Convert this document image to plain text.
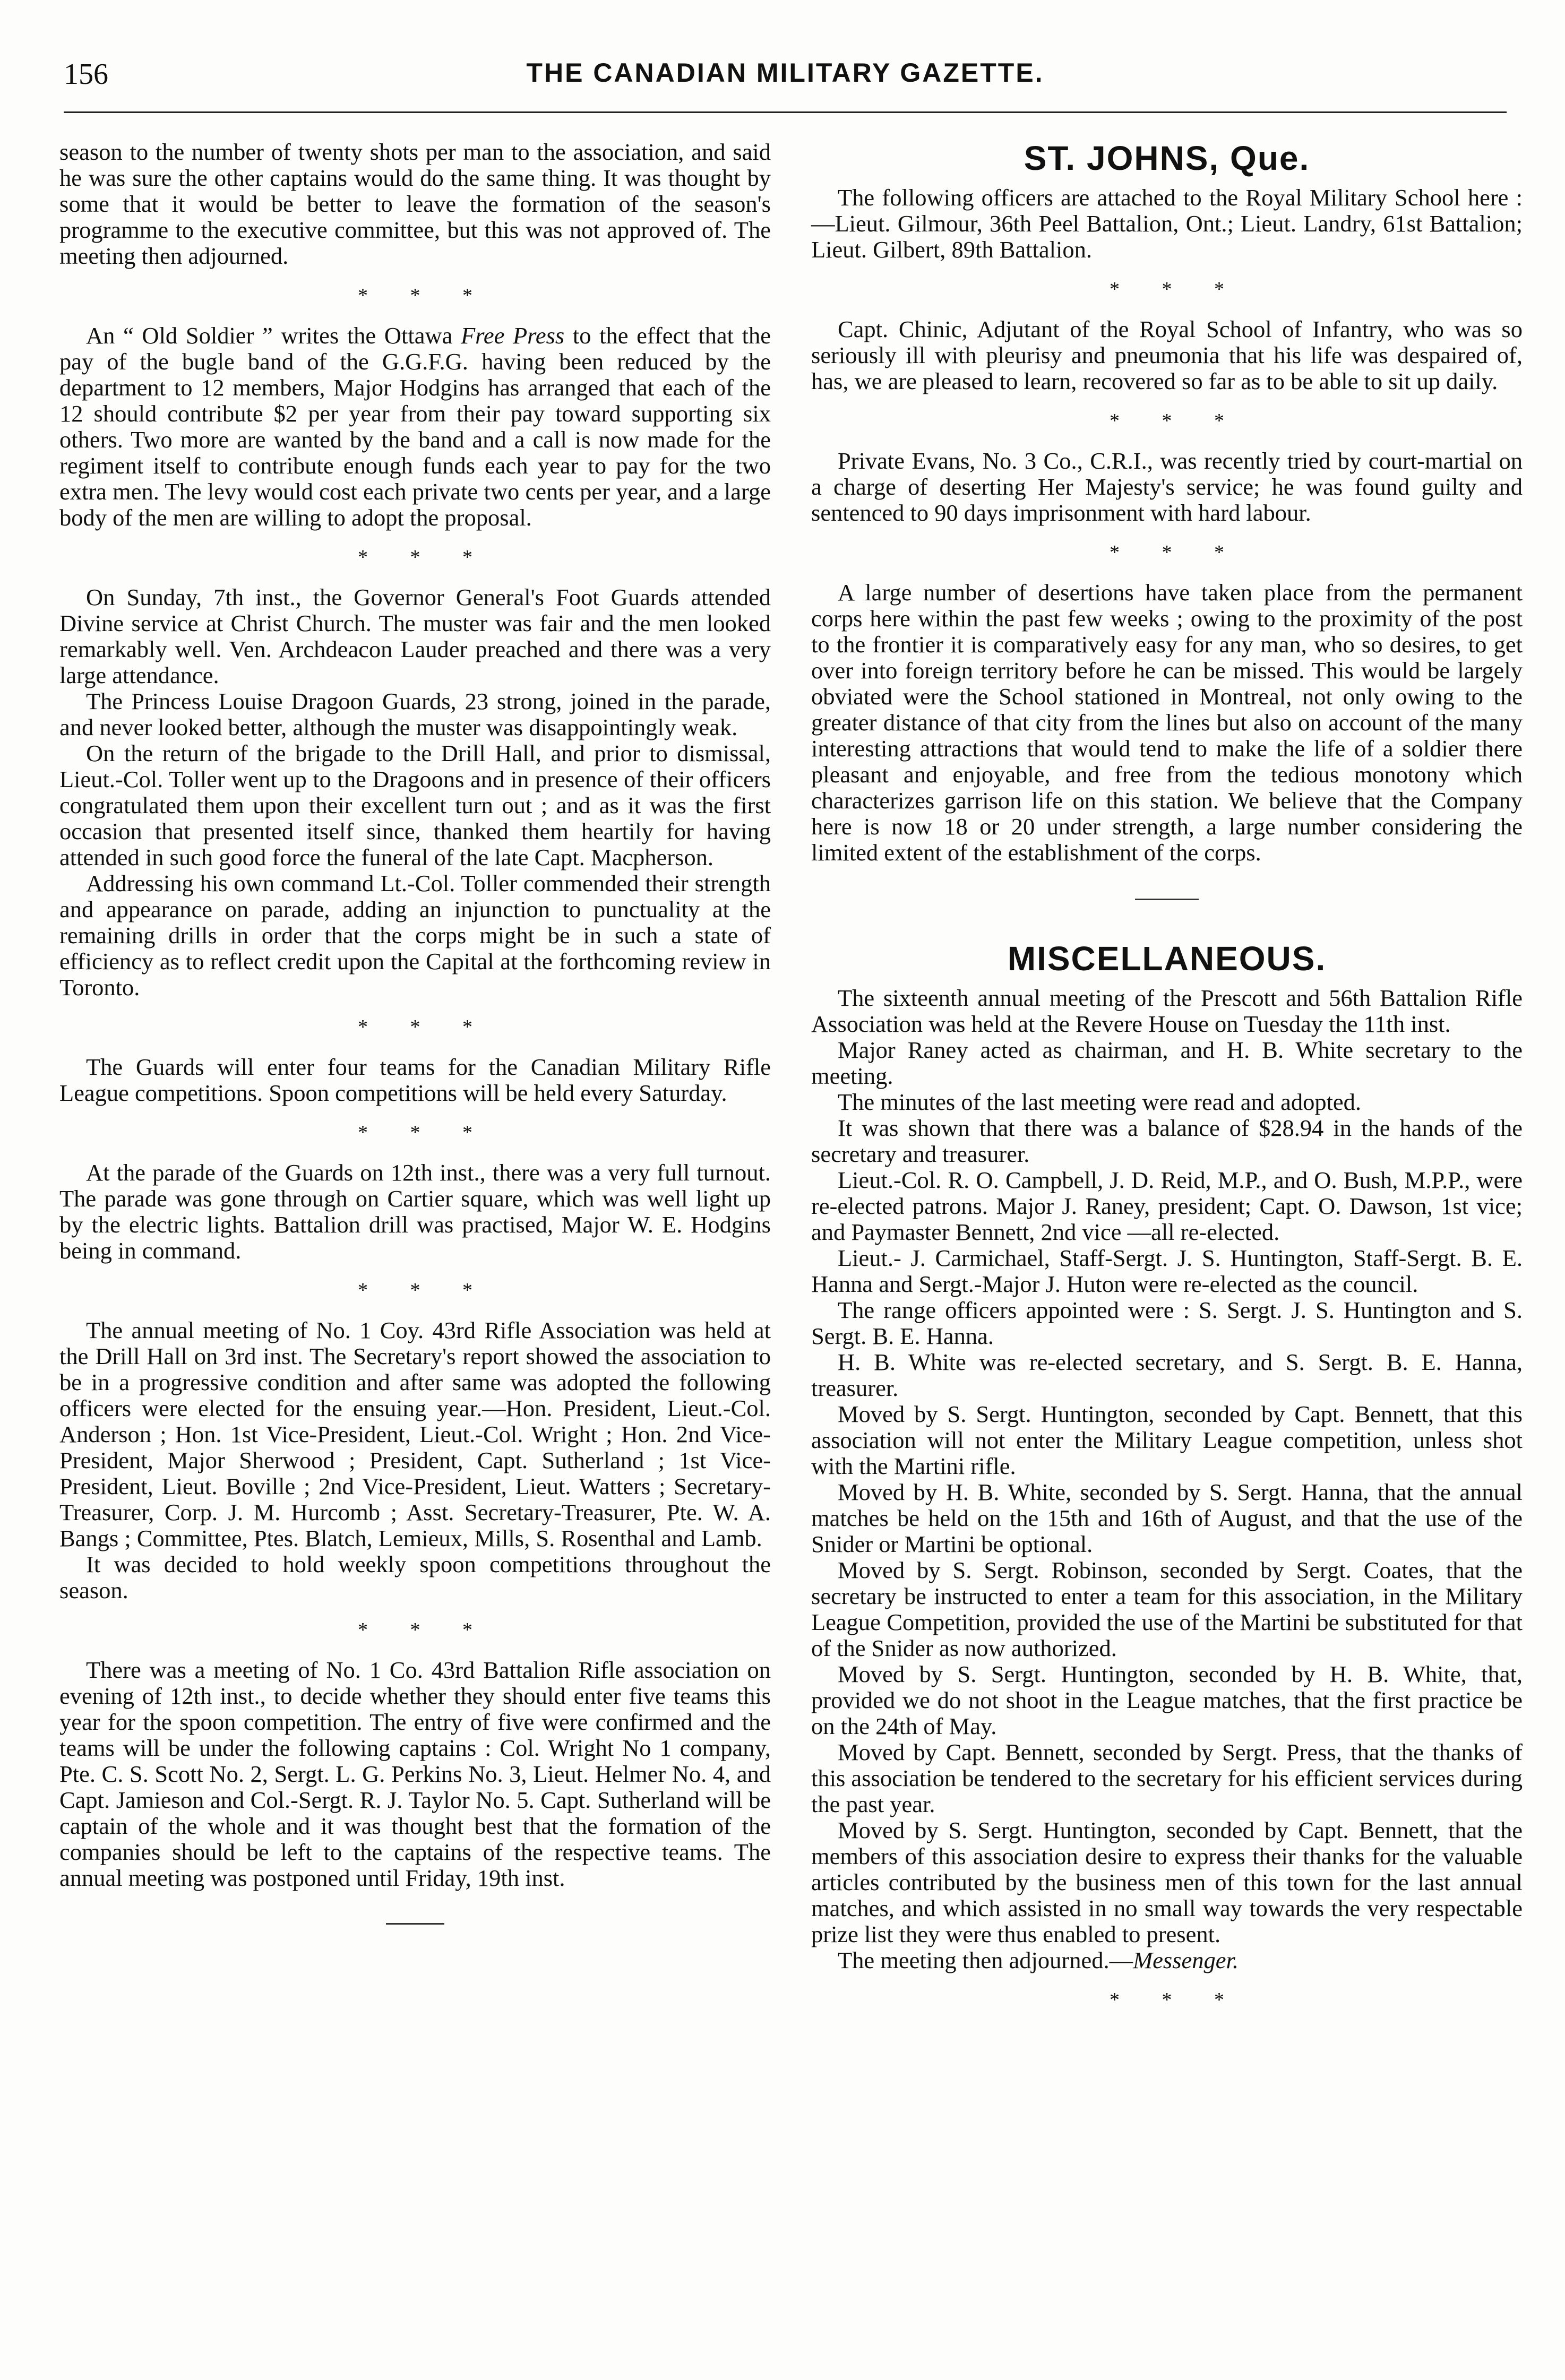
156	THE CANADIAN MILITARY GAZETTE.

season to the number of twenty shots per man to the association, and said he was sure the other captains would do the same thing. It was thought by some that it would be better to leave the formation of the season's programme to the executive committee, but this was not approved of. The meeting then adjourned.

* * *

An “ Old Soldier ” writes the Ottawa Free Press to the effect that the pay of the bugle band of the G.G.F.G. having been reduced by the department to 12 members, Major Hodgins has arranged that each of the 12 should contribute $2 per year from their pay toward supporting six others. Two more are wanted by the band and a call is now made for the regiment itself to contribute enough funds each year to pay for the two extra men. The levy would cost each private two cents per year, and a large body of the men are willing to adopt the proposal.

* * *

On Sunday, 7th inst., the Governor General's Foot Guards attended Divine service at Christ Church. The muster was fair and the men looked remarkably well. Ven. Archdeacon Lauder preached and there was a very large attendance.

The Princess Louise Dragoon Guards, 23 strong, joined in the parade, and never looked better, although the muster was disappointingly weak.

On the return of the brigade to the Drill Hall, and prior to dismissal, Lieut.-Col. Toller went up to the Dragoons and in presence of their officers congratulated them upon their excellent turn out ; and as it was the first occasion that presented itself since, thanked them heartily for having attended in such good force the funeral of the late Capt. Macpherson.

Addressing his own command Lt.-Col. Toller commended their strength and appearance on parade, adding an injunction to punctuality at the remaining drills in order that the corps might be in such a state of efficiency as to reflect credit upon the Capital at the forthcoming review in Toronto.

* * *

The Guards will enter four teams for the Canadian Military Rifle League competitions. Spoon competitions will be held every Saturday.

* * *

At the parade of the Guards on 12th inst., there was a very full turnout. The parade was gone through on Cartier square, which was well light up by the electric lights. Battalion drill was practised, Major W. E. Hodgins being in command.

* * *

The annual meeting of No. 1 Coy. 43rd Rifle Association was held at the Drill Hall on 3rd inst. The Secretary's report showed the association to be in a progressive condition and after same was adopted the following officers were elected for the ensuing year.—Hon. President, Lieut.-Col. Anderson ; Hon. 1st Vice-President, Lieut.-Col. Wright ; Hon. 2nd Vice-President, Major Sherwood ; President, Capt. Sutherland ; 1st Vice-President, Lieut. Boville ; 2nd Vice-President, Lieut. Watters ; Secretary-Treasurer, Corp. J. M. Hurcomb ; Asst. Secretary-Treasurer, Pte. W. A. Bangs ; Committee, Ptes. Blatch, Lemieux, Mills, S. Rosenthal and Lamb.

It was decided to hold weekly spoon competitions throughout the season.

* * *

There was a meeting of No. 1 Co. 43rd Battalion Rifle association on evening of 12th inst., to decide whether they should enter five teams this year for the spoon competition. The entry of five were confirmed and the teams will be under the following captains : Col. Wright No 1 company, Pte. C. S. Scott No. 2, Sergt. L. G. Perkins No. 3, Lieut. Helmer No. 4, and Capt. Jamieson and Col.-Sergt. R. J. Taylor No. 5. Capt. Sutherland will be captain of the whole and it was thought best that the formation of the companies should be left to the captains of the respective teams. The annual meeting was postponed until Friday, 19th inst.

ST. JOHNS, Que.

The following officers are attached to the Royal Military School here :—Lieut. Gilmour, 36th Peel Battalion, Ont.; Lieut. Landry, 61st Battalion; Lieut. Gilbert, 89th Battalion.

* * *

Capt. Chinic, Adjutant of the Royal School of Infantry, who was so seriously ill with pleurisy and pneumonia that his life was despaired of, has, we are pleased to learn, recovered so far as to be able to sit up daily.

* * *

Private Evans, No. 3 Co., C.R.I., was recently tried by court-martial on a charge of deserting Her Majesty's service; he was found guilty and sentenced to 90 days imprisonment with hard labour.

* * *

A large number of desertions have taken place from the permanent corps here within the past few weeks ; owing to the proximity of the post to the frontier it is comparatively easy for any man, who so desires, to get over into foreign territory before he can be missed. This would be largely obviated were the School stationed in Montreal, not only owing to the greater distance of that city from the lines but also on account of the many interesting attractions that would tend to make the life of a soldier there pleasant and enjoyable, and free from the tedious monotony which characterizes garrison life on this station. We believe that the Company here is now 18 or 20 under strength, a large number considering the limited extent of the establishment of the corps.

MISCELLANEOUS.

The sixteenth annual meeting of the Prescott and 56th Battalion Rifle Association was held at the Revere House on Tuesday the 11th inst.

Major Raney acted as chairman, and H. B. White secretary to the meeting.

The minutes of the last meeting were read and adopted.

It was shown that there was a balance of $28.94 in the hands of the secretary and treasurer.

Lieut.-Col. R. O. Campbell, J. D. Reid, M.P., and O. Bush, M.P.P., were re-elected patrons. Major J. Raney, president; Capt. O. Dawson, 1st vice; and Paymaster Bennett, 2nd vice —all re-elected.

Lieut.- J. Carmichael, Staff-Sergt. J. S. Huntington, Staff-Sergt. B. E. Hanna and Sergt.-Major J. Huton were re-elected as the council.

The range officers appointed were : S. Sergt. J. S. Huntington and S. Sergt. B. E. Hanna.

H. B. White was re-elected secretary, and S. Sergt. B. E. Hanna, treasurer.

Moved by S. Sergt. Huntington, seconded by Capt. Bennett, that this association will not enter the Military League competition, unless shot with the Martini rifle.

Moved by H. B. White, seconded by S. Sergt. Hanna, that the annual matches be held on the 15th and 16th of August, and that the use of the Snider or Martini be optional.

Moved by S. Sergt. Robinson, seconded by Sergt. Coates, that the secretary be instructed to enter a team for this association, in the Military League Competition, provided the use of the Martini be substituted for that of the Snider as now authorized.

Moved by S. Sergt. Huntington, seconded by H. B. White, that, provided we do not shoot in the League matches, that the first practice be on the 24th of May.

Moved by Capt. Bennett, seconded by Sergt. Press, that the thanks of this association be tendered to the secretary for his efficient services during the past year.

Moved by S. Sergt. Huntington, seconded by Capt. Bennett, that the members of this association desire to express their thanks for the valuable articles contributed by the business men of this town for the last annual matches, and which assisted in no small way towards the very respectable prize list they were thus enabled to present.

The meeting then adjourned.—Messenger.

* * *
